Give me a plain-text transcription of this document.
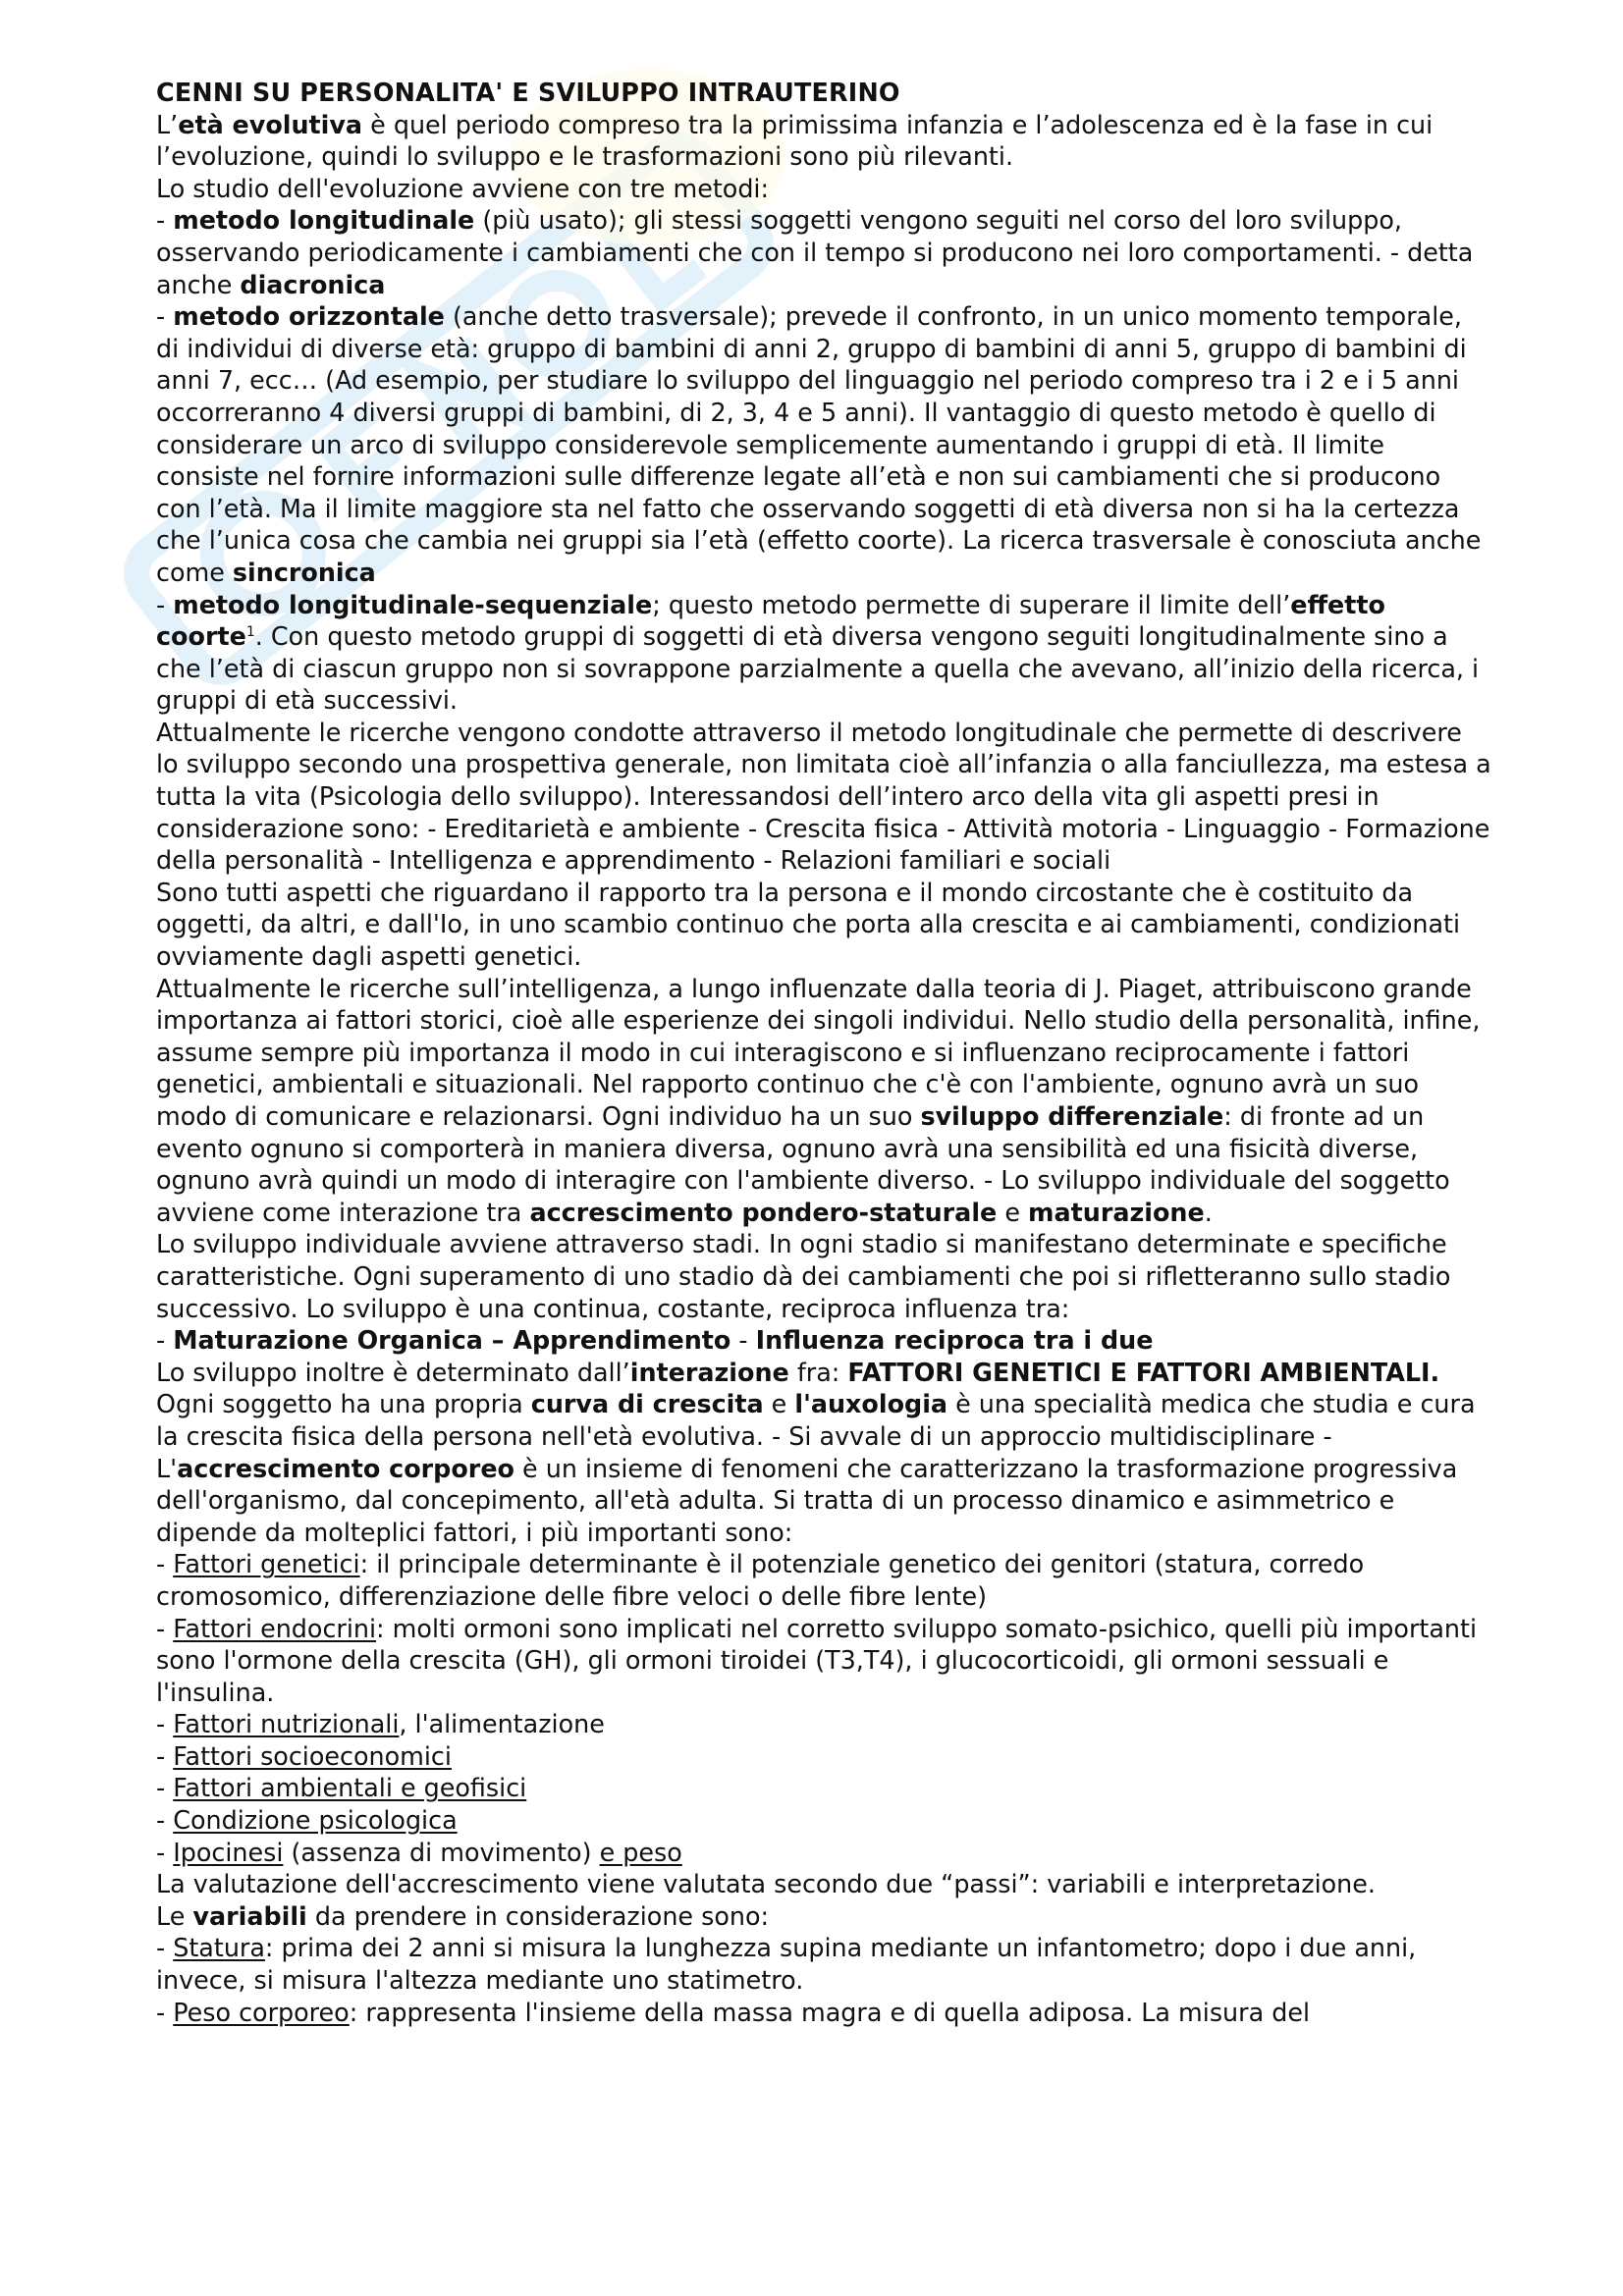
CENNI SU PERSONALITA' E SVILUPPO INTRAUTERINO

L’età evolutiva è quel periodo compreso tra la primissima infanzia e l’adolescenza ed è la fase in cui l’evoluzione, quindi lo sviluppo e le trasformazioni sono più rilevanti.

Lo studio dell'evoluzione avviene con tre metodi:

- metodo longitudinale (più usato); gli stessi soggetti vengono seguiti nel corso del loro sviluppo, osservando periodicamente i cambiamenti che con il tempo si producono nei loro comportamenti. - detta anche diacronica

- metodo orizzontale (anche detto trasversale); prevede il confronto, in un unico momento temporale, di individui di diverse età: gruppo di bambini di anni 2, gruppo di bambini di anni 5, gruppo di bambini di anni 7, ecc… (Ad esempio, per studiare lo sviluppo del linguaggio nel periodo compreso tra i 2 e i 5 anni occorreranno 4 diversi gruppi di bambini, di 2, 3, 4 e 5 anni). Il vantaggio di questo metodo è quello di considerare un arco di sviluppo considerevole semplicemente aumentando i gruppi di età. Il limite consiste nel fornire informazioni sulle differenze legate all’età e non sui cambiamenti che si producono con l’età. Ma il limite maggiore sta nel fatto che osservando soggetti di età diversa non si ha la certezza che l’unica cosa che cambia nei gruppi sia l’età (effetto coorte). La ricerca trasversale è conosciuta anche come sincronica

- metodo longitudinale-sequenziale; questo metodo permette di superare il limite dell’effetto coorte$^1$. Con questo metodo gruppi di soggetti di età diversa vengono seguiti longitudinalmente sino a che l’età di ciascun gruppo non si sovrappone parzialmente a quella che avevano, all’inizio della ricerca, i gruppi di età successivi.

Attualmente le ricerche vengono condotte attraverso il metodo longitudinale che permette di descrivere lo sviluppo secondo una prospettiva generale, non limitata cioè all’infanzia o alla fanciullezza, ma estesa a tutta la vita (Psicologia dello sviluppo). Interessandosi dell’intero arco della vita gli aspetti presi in considerazione sono: - Ereditarietà e ambiente - Crescita fisica - Attività motoria - Linguaggio - Formazione della personalità - Intelligenza e apprendimento - Relazioni familiari e sociali

Sono tutti aspetti che riguardano il rapporto tra la persona e il mondo circostante che è costituito da oggetti, da altri, e dall'Io, in uno scambio continuo che porta alla crescita e ai cambiamenti, condizionati ovviamente dagli aspetti genetici.

Attualmente le ricerche sull’intelligenza, a lungo influenzate dalla teoria di J. Piaget, attribuiscono grande importanza ai fattori storici, cioè alle esperienze dei singoli individui. Nello studio della personalità, infine, assume sempre più importanza il modo in cui interagiscono e si influenzano reciprocamente i fattori genetici, ambientali e situazionali. Nel rapporto continuo che c'è con l'ambiente, ognuno avrà un suo modo di comunicare e relazionarsi. Ogni individuo ha un suo sviluppo differenziale: di fronte ad un evento ognuno si comporterà in maniera diversa, ognuno avrà una sensibilità ed una fisicità diverse, ognuno avrà quindi un modo di interagire con l'ambiente diverso. - Lo sviluppo individuale del soggetto avviene come interazione tra accrescimento pondero-staturale e maturazione.

Lo sviluppo individuale avviene attraverso stadi. In ogni stadio si manifestano determinate e specifiche caratteristiche. Ogni superamento di uno stadio dà dei cambiamenti che poi si rifletteranno sullo stadio successivo. Lo sviluppo è una continua, costante, reciproca influenza tra:

- Maturazione Organica – Apprendimento - Influenza reciproca tra i due

Lo sviluppo inoltre è determinato dall’interazione fra: FATTORI GENETICI E FATTORI AMBIENTALI. Ogni soggetto ha una propria curva di crescita e l'auxologia è una specialità medica che studia e cura la crescita fisica della persona nell'età evolutiva. - Si avvale di un approccio multidisciplinare - L'accrescimento corporeo è un insieme di fenomeni che caratterizzano la trasformazione progressiva dell'organismo, dal concepimento, all'età adulta. Si tratta di un processo dinamico e asimmetrico e dipende da molteplici fattori, i più importanti sono:

- Fattori genetici: il principale determinante è il potenziale genetico dei genitori (statura, corredo cromosomico, differenziazione delle fibre veloci o delle fibre lente)

- Fattori endocrini: molti ormoni sono implicati nel corretto sviluppo somato-psichico, quelli più importanti sono l'ormone della crescita (GH), gli ormoni tiroidei (T3,T4), i glucocorticoidi, gli ormoni sessuali e l'insulina.

- Fattori nutrizionali, l'alimentazione

- Fattori socioeconomici

- Fattori ambientali e geofisici

- Condizione psicologica

- Ipocinesi (assenza di movimento) e peso

La valutazione dell'accrescimento viene valutata secondo due “passi”: variabili e interpretazione.

Le variabili da prendere in considerazione sono:

- Statura: prima dei 2 anni si misura la lunghezza supina mediante un infantometro; dopo i due anni, invece, si misura l'altezza mediante uno statimetro.

- Peso corporeo: rappresenta l'insieme della massa magra e di quella adiposa. La misura del
